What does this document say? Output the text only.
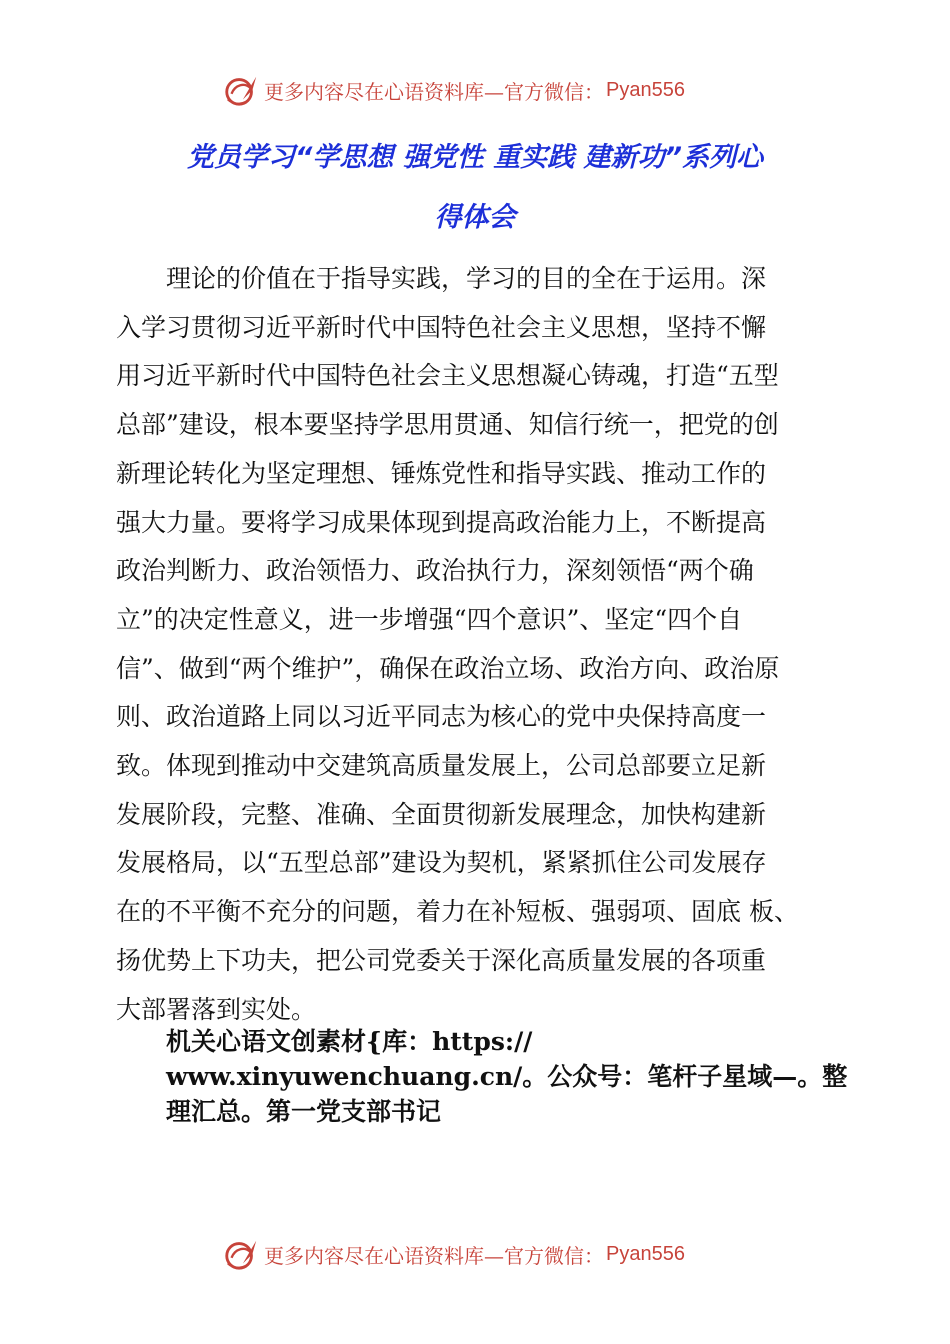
更多内容尽在心语资料库—官方微信： Pyan556
党员学习“学思想 强党性 重实践 建新功”系列心
得体会

理论的价值在于指导实践，学习的目的全在于运用。深
入学习贯彻习近平新时代中国特色社会主义思想，坚持不懈
用习近平新时代中国特色社会主义思想凝心铸魂，打造“五型
总部”建设，根本要坚持学思用贯通、知信行统一，把党的创
新理论转化为坚定理想、锤炼党性和指导实践、推动工作的
强大力量。要将学习成果体现到提高政治能力上，不断提高
政治判断力、政治领悟力、政治执行力，深刻领悟“两个确
立”的决定性意义，进一步增强“四个意识”、坚定“四个自
信”、做到“两个维护”，确保在政治立场、政治方向、政治原
则、政治道路上同以习近平同志为核心的党中央保持高度一
致。体现到推动中交建筑高质量发展上，公司总部要立足新
发展阶段，完整、准确、全面贯彻新发展理念，加快构建新
发展格局，以“五型总部”建设为契机，紧紧抓住公司发展存
在的不平衡不充分的问题，着力在补短板、强弱项、固底 板、
扬优势上下功夫，把公司党委关于深化高质量发展的各项重
大部署落到实处。

机关心语文创素材{库：https://
www.xinyuwenchuang.cn/。公众号：笔杆子星域—。整
理汇总。第一党支部书记

更多内容尽在心语资料库—官方微信： Pyan556
